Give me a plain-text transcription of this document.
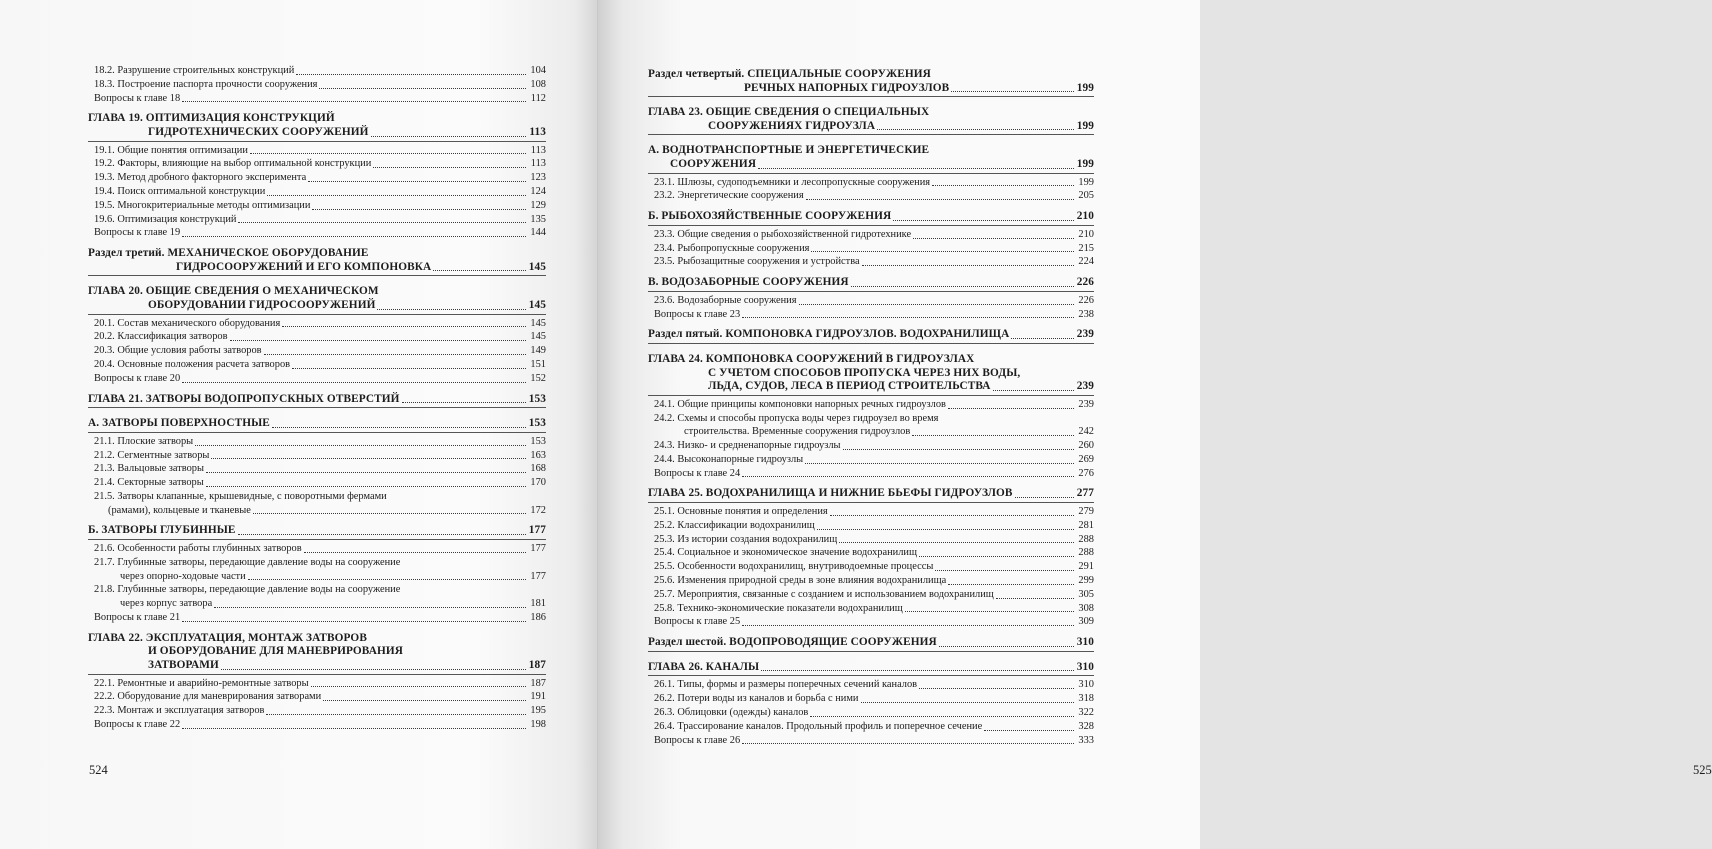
18.2. Разрушение строительных конструкций	104
18.3. Построение паспорта прочности сооружения	108
Вопросы к главе 18	112
ГЛАВА 19. ОПТИМИЗАЦИЯ КОНСТРУКЦИЙ
ГИДРОТЕХНИЧЕСКИХ СООРУЖЕНИЙ	113
19.1. Общие понятия оптимизации	113
19.2. Факторы, влияющие на выбор оптимальной конструкции	113
19.3. Метод дробного факторного эксперимента	123
19.4. Поиск оптимальной конструкции	124
19.5. Многокритериальные методы оптимизации	129
19.6. Оптимизация конструкций	135
Вопросы к главе 19	144
Раздел третий. МЕХАНИЧЕСКОЕ ОБОРУДОВАНИЕ
ГИДРОСООРУЖЕНИЙ И ЕГО КОМПОНОВКА	145
ГЛАВА 20. ОБЩИЕ СВЕДЕНИЯ О МЕХАНИЧЕСКОМ
ОБОРУДОВАНИИ ГИДРОСООРУЖЕНИЙ	145
20.1. Состав механического оборудования	145
20.2. Классификация затворов	145
20.3. Общие условия работы затворов	149
20.4. Основные положения расчета затворов	151
Вопросы к главе 20	152
ГЛАВА 21. ЗАТВОРЫ ВОДОПРОПУСКНЫХ ОТВЕРСТИЙ	153
А. ЗАТВОРЫ ПОВЕРХНОСТНЫЕ	153
21.1. Плоские затворы	153
21.2. Сегментные затворы	163
21.3. Вальцовые затворы	168
21.4. Секторные затворы	170
21.5. Затворы клапанные, крышевидные, с поворотными фермами
(рамами), кольцевые и тканевые	172
Б. ЗАТВОРЫ ГЛУБИННЫЕ	177
21.6. Особенности работы глубинных затворов	177
21.7. Глубинные затворы, передающие давление воды на сооружение
через опорно-ходовые части	177
21.8. Глубинные затворы, передающие давление воды на сооружение
через корпус затвора	181
Вопросы к главе 21	186
ГЛАВА 22. ЭКСПЛУАТАЦИЯ, МОНТАЖ ЗАТВОРОВ
И ОБОРУДОВАНИЕ ДЛЯ МАНЕВРИРОВАНИЯ
ЗАТВОРАМИ	187
22.1. Ремонтные и аварийно-ремонтные затворы	187
22.2. Оборудование для маневрирования затворами	191
22.3. Монтаж и эксплуатация затворов	195
Вопросы к главе 22	198
524
Раздел четвертый. СПЕЦИАЛЬНЫЕ СООРУЖЕНИЯ
РЕЧНЫХ НАПОРНЫХ ГИДРОУЗЛОВ	199
ГЛАВА 23. ОБЩИЕ СВЕДЕНИЯ О СПЕЦИАЛЬНЫХ
СООРУЖЕНИЯХ ГИДРОУЗЛА	199
А. ВОДНОТРАНСПОРТНЫЕ И ЭНЕРГЕТИЧЕСКИЕ
СООРУЖЕНИЯ	199
23.1. Шлюзы, судоподъемники и лесопропускные сооружения	199
23.2. Энергетические сооружения	205
Б. РЫБОХОЗЯЙСТВЕННЫЕ СООРУЖЕНИЯ	210
23.3. Общие сведения о рыбохозяйственной гидротехнике	210
23.4. Рыбопропускные сооружения	215
23.5. Рыбозащитные сооружения и устройства	224
В. ВОДОЗАБОРНЫЕ СООРУЖЕНИЯ	226
23.6. Водозаборные сооружения	226
Вопросы к главе 23	238
Раздел пятый. КОМПОНОВКА ГИДРОУЗЛОВ. ВОДОХРАНИЛИЩА	239
ГЛАВА 24. КОМПОНОВКА СООРУЖЕНИЙ В ГИДРОУЗЛАХ
С УЧЕТОМ СПОСОБОВ ПРОПУСКА ЧЕРЕЗ НИХ ВОДЫ,
ЛЬДА, СУДОВ, ЛЕСА В ПЕРИОД СТРОИТЕЛЬСТВА	239
24.1. Общие принципы компоновки напорных речных гидроузлов	239
24.2. Схемы и способы пропуска воды через гидроузел во время
строительства. Временные сооружения гидроузлов	242
24.3. Низко- и средненапорные гидроузлы	260
24.4. Высоконапорные гидроузлы	269
Вопросы к главе 24	276
ГЛАВА 25. ВОДОХРАНИЛИЩА И НИЖНИЕ БЬЕФЫ ГИДРОУЗЛОВ	277
25.1. Основные понятия и определения	279
25.2. Классификации водохранилищ	281
25.3. Из истории создания водохранилищ	288
25.4. Социальное и экономическое значение водохранилищ	288
25.5. Особенности водохранилищ, внутриводоемные процессы	291
25.6. Изменения природной среды в зоне влияния водохранилища	299
25.7. Мероприятия, связанные с созданием и использованием водохранилищ	305
25.8. Технико-экономические показатели водохранилищ	308
Вопросы к главе 25	309
Раздел шестой. ВОДОПРОВОДЯЩИЕ СООРУЖЕНИЯ	310
ГЛАВА 26. КАНАЛЫ	310
26.1. Типы, формы и размеры поперечных сечений каналов	310
26.2. Потери воды из каналов и борьба с ними	318
26.3. Облицовки (одежды) каналов	322
26.4. Трассирование каналов. Продольный профиль и поперечное сечение	328
Вопросы к главе 26	333
525
